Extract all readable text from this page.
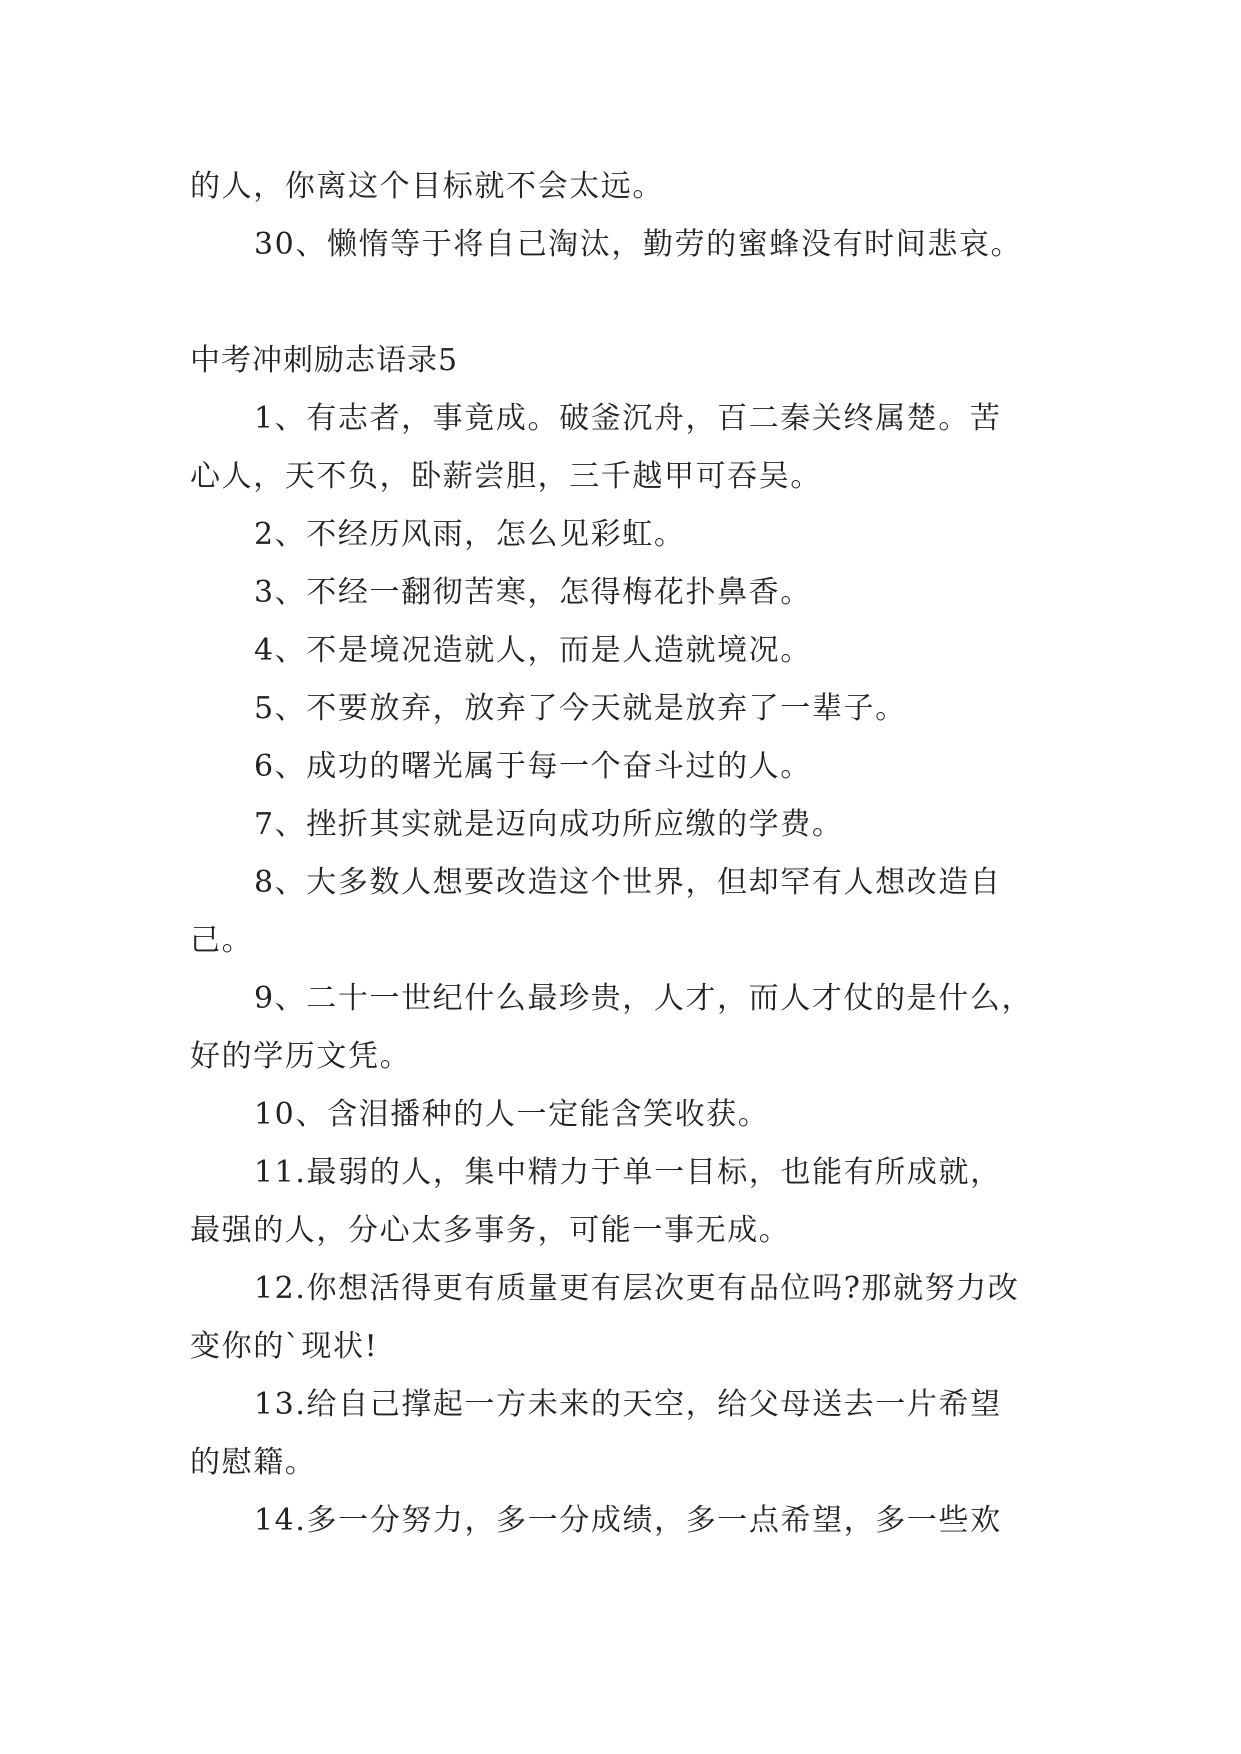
的人，你离这个目标就不会太远。
30、懒惰等于将自己淘汰，勤劳的蜜蜂没有时间悲哀。
中考冲刺励志语录5
1、有志者，事竟成。破釜沉舟，百二秦关终属楚。苦
心人，天不负，卧薪尝胆，三千越甲可吞吴。
2、不经历风雨，怎么见彩虹。
3、不经一翻彻苦寒，怎得梅花扑鼻香。
4、不是境况造就人，而是人造就境况。
5、不要放弃，放弃了今天就是放弃了一辈子。
6、成功的曙光属于每一个奋斗过的人。
7、挫折其实就是迈向成功所应缴的学费。
8、大多数人想要改造这个世界，但却罕有人想改造自
己。
9、二十一世纪什么最珍贵，人才，而人才仗的是什么，
好的学历文凭。
10、含泪播种的人一定能含笑收获。
11.最弱的人，集中精力于单一目标，也能有所成就，
最强的人，分心太多事务，可能一事无成。
12.你想活得更有质量更有层次更有品位吗?那就努力改
变你的`现状!
13.给自己撑起一方未来的天空，给父母送去一片希望
的慰籍。
14.多一分努力，多一分成绩，多一点希望，多一些欢
